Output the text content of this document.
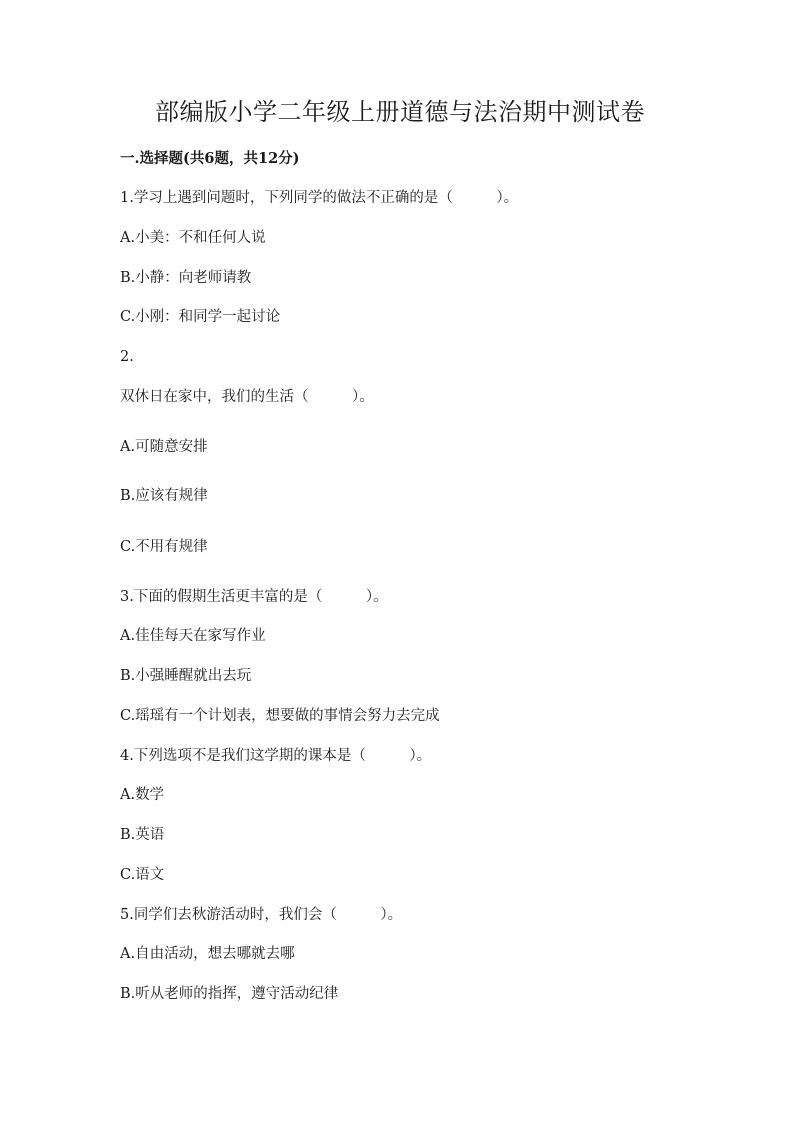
部编版小学二年级上册道德与法治期中测试卷
一.选择题(共6题，共12分)
1.学习上遇到问题时，下列同学的做法不正确的是（　　　）。
A.小美：不和任何人说
B.小静：向老师请教
C.小刚：和同学一起讨论
2.
双休日在家中，我们的生活（　　　）。
A.可随意安排
B.应该有规律
C.不用有规律
3.下面的假期生活更丰富的是（　　　）。
A.佳佳每天在家写作业
B.小强睡醒就出去玩
C.瑶瑶有一个计划表，想要做的事情会努力去完成
4.下列选项不是我们这学期的课本是（　　　）。
A.数学
B.英语
C.语文
5.同学们去秋游活动时，我们会（　　　）。
A.自由活动，想去哪就去哪
B.听从老师的指挥，遵守活动纪律
